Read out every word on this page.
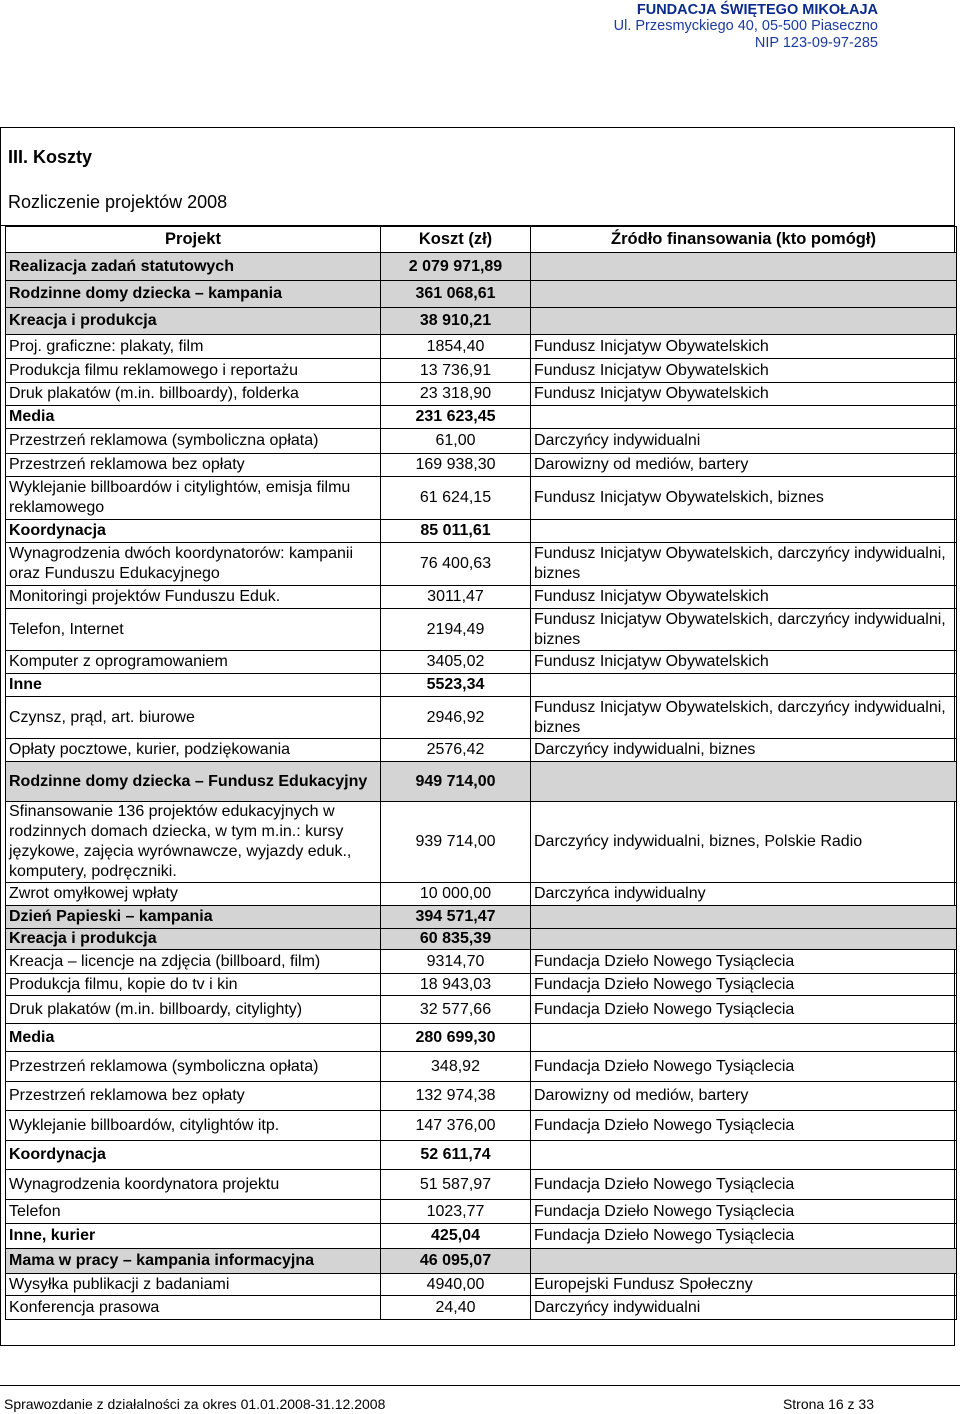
FUNDACJA ŚWIĘTEGO MIKOŁAJA
Ul. Przesmyckiego 40, 05-500 Piaseczno
NIP 123-09-97-285
III. Koszty
Rozliczenie projektów 2008
Projekt	Koszt (zł)	Źródło finansowania (kto pomógł)

Realizacja zadań statutowych	2 079 971,89	

Rodzinne domy dziecka – kampania	361 068,61	

Kreacja i produkcja	38 910,21	

Proj. graficzne: plakaty, film	1854,40	Fundusz Inicjatyw Obywatelskich

Produkcja filmu reklamowego i reportażu	13 736,91	Fundusz Inicjatyw Obywatelskich

Druk plakatów (m.in. billboardy), folderka	23 318,90	Fundusz Inicjatyw Obywatelskich

Media	231 623,45	

Przestrzeń reklamowa (symboliczna opłata)	61,00	Darczyńcy indywidualni

Przestrzeń reklamowa bez opłaty	169 938,30	Darowizny od mediów, bartery

Wyklejanie billboardów i citylightów, emisja filmu reklamowego	61 624,15	Fundusz Inicjatyw Obywatelskich, biznes

Koordynacja	85 011,61	

Wynagrodzenia dwóch koordynatorów: kampanii oraz Funduszu Edukacyjnego	76 400,63	Fundusz Inicjatyw Obywatelskich, darczyńcy indywidualni, biznes

Monitoringi projektów Funduszu Eduk.	3011,47	Fundusz Inicjatyw Obywatelskich

Telefon, Internet	2194,49	Fundusz Inicjatyw Obywatelskich, darczyńcy indywidualni, biznes

Komputer z oprogramowaniem	3405,02	Fundusz Inicjatyw Obywatelskich

Inne	5523,34	

Czynsz, prąd, art. biurowe	2946,92	Fundusz Inicjatyw Obywatelskich, darczyńcy indywidualni, biznes

Opłaty pocztowe, kurier, podziękowania	2576,42	Darczyńcy indywidualni, biznes

Rodzinne domy dziecka – Fundusz Edukacyjny	949 714,00	

Sfinansowanie 136 projektów edukacyjnych w rodzinnych domach dziecka, w tym m.in.: kursy językowe, zajęcia wyrównawcze, wyjazdy eduk., komputery, podręczniki.	939 714,00	Darczyńcy indywidualni, biznes, Polskie Radio

Zwrot omyłkowej wpłaty	10 000,00	Darczyńca indywidualny

Dzień Papieski – kampania	394 571,47	

Kreacja i produkcja	60 835,39	

Kreacja – licencje na zdjęcia (billboard, film)	9314,70	Fundacja Dzieło Nowego Tysiąclecia

Produkcja filmu, kopie do tv i kin	18 943,03	Fundacja Dzieło Nowego Tysiąclecia

Druk plakatów (m.in. billboardy, citylighty)	32 577,66	Fundacja Dzieło Nowego Tysiąclecia

Media	280 699,30	

Przestrzeń reklamowa (symboliczna opłata)	348,92	Fundacja Dzieło Nowego Tysiąclecia

Przestrzeń reklamowa bez opłaty	132 974,38	Darowizny od mediów, bartery

Wyklejanie billboardów, citylightów itp.	147 376,00	Fundacja Dzieło Nowego Tysiąclecia

Koordynacja	52 611,74	

Wynagrodzenia koordynatora projektu	51 587,97	Fundacja Dzieło Nowego Tysiąclecia

Telefon	1023,77	Fundacja Dzieło Nowego Tysiąclecia

Inne, kurier	425,04	Fundacja Dzieło Nowego Tysiąclecia

Mama w pracy – kampania informacyjna	46 095,07	

Wysyłka publikacji z badaniami	4940,00	Europejski Fundusz Społeczny

Konferencja prasowa	24,40	Darczyńcy indywidualni
Sprawozdanie z działalności za okres 01.01.2008-31.12.2008	Strona 16 z 33
